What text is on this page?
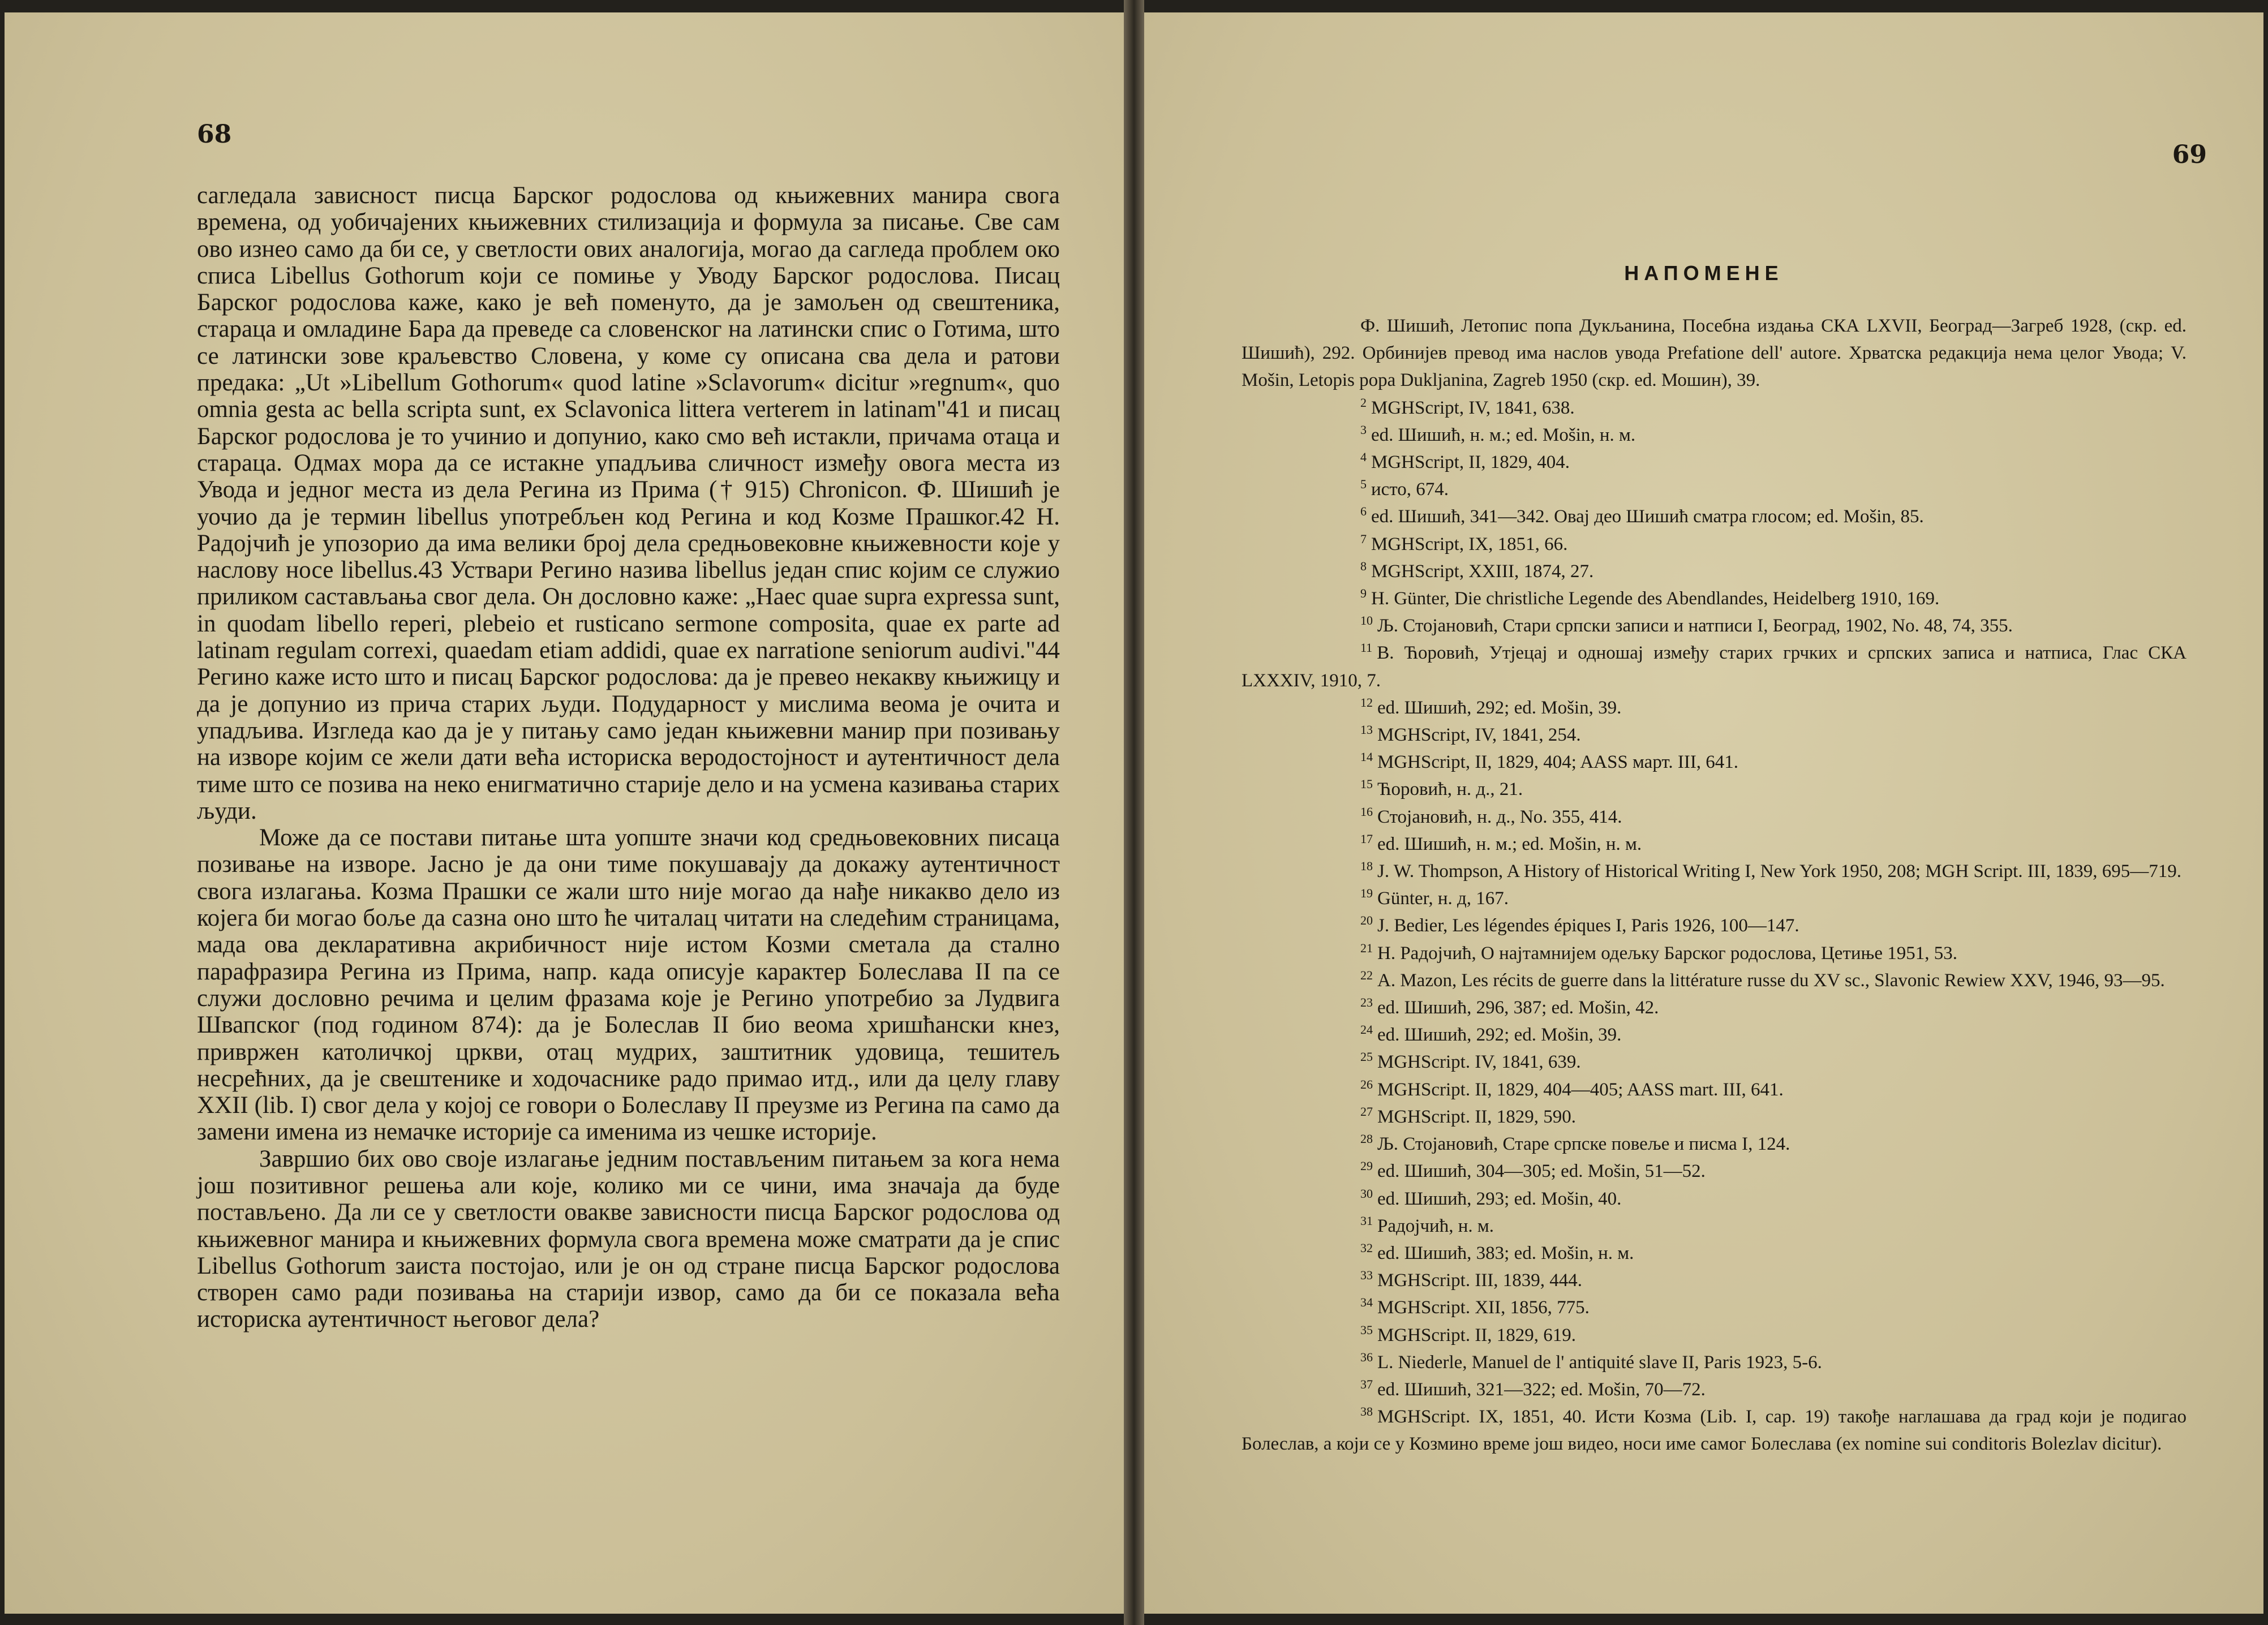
68

сагледала зависност писца Барског родослова од књижевних манира свога времена, од уобичајених књижевних стилизација и формула за писање. Све сам ово изнео само да би се, у светлости ових аналогија, могао да сагледа проблем око списа Libellus Gothorum који се помиње у Уводу Барског родослова. Писац Барског родослова каже, како је већ поменуто, да је замољен од свештеника, стараца и омладине Бара да преведе са словенског на латински спис о Готима, што се латински зове краљевство Словена, у коме су описана сва дела и ратови предака: „Ut »Libellum Gothorum« quod latine »Sclavorum« dicitur »regnum«, quo omnia gesta ac bella scripta sunt, ex Sclavonica littera verterem in latinam"41 и писац Барског родослова је то учинио и допунио, како смо већ истакли, причама отаца и стараца. Одмах мора да се истакне упадљива сличност између овога места из Увода и једног места из дела Регина из Прима († 915) Chronicon. Ф. Шишић је уочио да је термин libellus употребљен код Регина и код Козме Прашког.42 Н. Радојчић је упозорио да има велики број дела средњовековне књижевности које у наслову носе libellus.43 Уствари Регино назива libellus један спис којим се служио приликом састављања свог дела. Он дословно каже: „Haec quae supra expressa sunt, in quodam libello reperi, plebeio et rusticano sermone composita, quae ex parte ad latinam regulam correxi, quaedam etiam addidi, quae ex narratione seniorum audivi."44 Регино каже исто што и писац Барског родослова: да је превео некакву књижицу и да је допунио из прича старих људи. Подударност у мислима веома је очита и упадљива. Изгледа као да је у питању само један књижевни манир при позивању на изворе којим се жели дати већа историска веродостојност и аутентичност дела тиме што се позива на неко енигматично старије дело и на усмена казивања старих људи.

Може да се постави питање шта уопште значи код средњовековних писаца позивање на изворе. Јасно је да они тиме покушавају да докажу аутентичност свога излагања. Козма Прашки се жали што није могао да нађе никакво дело из којега би могао боље да сазна оно што ће читалац читати на следећим страницама, мада ова декларативна акрибичност није истом Козми сметала да стално парафразира Регина из Прима, напр. када описује карактер Болеслава II па се служи дословно речима и целим фразама које је Регино употребио за Лудвига Швапског (под годином 874): да је Болеслав II био веома хришћански кнез, привржен католичкој цркви, отац мудрих, заштитник удовица, тешитељ несрећних, да је свештенике и ходочаснике радо примао итд., или да целу главу XXII (lib. I) свог дела у којој се говори о Болеславу II преузме из Регина па само да замени имена из немачке историје са именима из чешке историје.

Завршио бих ово своје излагање једним постављеним питањем за кога нема још позитивног решења али које, колико ми се чини, има значаја да буде постављено. Да ли се у светлости овакве зависности писца Барског родослова од књижевног манира и књижевних формула свога времена може сматрати да је спис Libellus Gothorum заиста постојао, или је он од стране писца Барског родослова створен само ради позивања на старији извор, само да би се показала већа историска аутентичност његовог дела?

69
НАПОМЕНЕ
Ф. Шишић, Летопис попа Дукљанина, Посебна издања СКА LXVII, Београд—Загреб 1928, (скр. ed. Шишић), 292. Орбинијев превод има наслов увода Prefatione dell' autore. Хрватска редакција нема целог Увода; V. Mošin, Letopis popa Dukljanina, Zagreb 1950 (скр. ed. Мошин), 39.
$^2$ MGHScript, IV, 1841, 638.
$^3$ ed. Шишић, н. м.; ed. Mošin, н. м.
$^4$ MGHScript, II, 1829, 404.
$^5$ исто, 674.
$^6$ ed. Шишић, 341—342. Овај део Шишић сматра глосом; ed. Mošin, 85.
$^7$ MGHScript, IX, 1851, 66.
$^8$ MGHScript, XXIII, 1874, 27.
$^9$ H. Günter, Die christliche Legende des Abendlandes, Heidelberg 1910, 169.
$^{10}$ Љ. Стојановић, Стари српски записи и натписи I, Београд, 1902, No. 48, 74, 355.
$^{11}$ В. Ћоровић, Утјецај и одношај између старих грчких и српских записа и натписа, Глас СКА LXXXIV, 1910, 7.
$^{12}$ ed. Шишић, 292; ed. Mošin, 39.
$^{13}$ MGHScript, IV, 1841, 254.
$^{14}$ MGHScript, II, 1829, 404; AASS март. III, 641.
$^{15}$ Ћоровић, н. д., 21.
$^{16}$ Стојановић, н. д., No. 355, 414.
$^{17}$ ed. Шишић, н. м.; ed. Mošin, н. м.
$^{18}$ J. W. Thompson, A History of Historical Writing I, New York 1950, 208; MGH Script. III, 1839, 695—719.
$^{19}$ Günter, н. д, 167.
$^{20}$ J. Bedier, Les légendes épiques I, Paris 1926, 100—147.
$^{21}$ Н. Радојчић, О најтамнијем одељку Барског родослова, Цетиње 1951, 53.
$^{22}$ A. Mazon, Les récits de guerre dans la littérature russe du XV sc., Slavonic Rewiew XXV, 1946, 93—95.
$^{23}$ ed. Шишић, 296, 387; ed. Mošin, 42.
$^{24}$ ed. Шишић, 292; ed. Mošin, 39.
$^{25}$ MGHScript. IV, 1841, 639.
$^{26}$ MGHScript. II, 1829, 404—405; AASS mart. III, 641.
$^{27}$ MGHScript. II, 1829, 590.
$^{28}$ Љ. Стојановић, Старе српске повеље и писма I, 124.
$^{29}$ ed. Шишић, 304—305; ed. Mošin, 51—52.
$^{30}$ ed. Шишић, 293; ed. Mošin, 40.
$^{31}$ Радојчић, н. м.
$^{32}$ ed. Шишић, 383; ed. Mošin, н. м.
$^{33}$ MGHScript. III, 1839, 444.
$^{34}$ MGHScript. XII, 1856, 775.
$^{35}$ MGHScript. II, 1829, 619.
$^{36}$ L. Niederle, Manuel de l' antiquité slave II, Paris 1923, 5-6.
$^{37}$ ed. Шишић, 321—322; ed. Mošin, 70—72.
$^{38}$ MGHScript. IX, 1851, 40. Исти Козма (Lib. I, cap. 19) такође наглашава да град који је подигао Болеслав, а који се у Козмино време још видео, носи име самог Болеслава (ex nomine sui conditoris Bolezlav dicitur).
